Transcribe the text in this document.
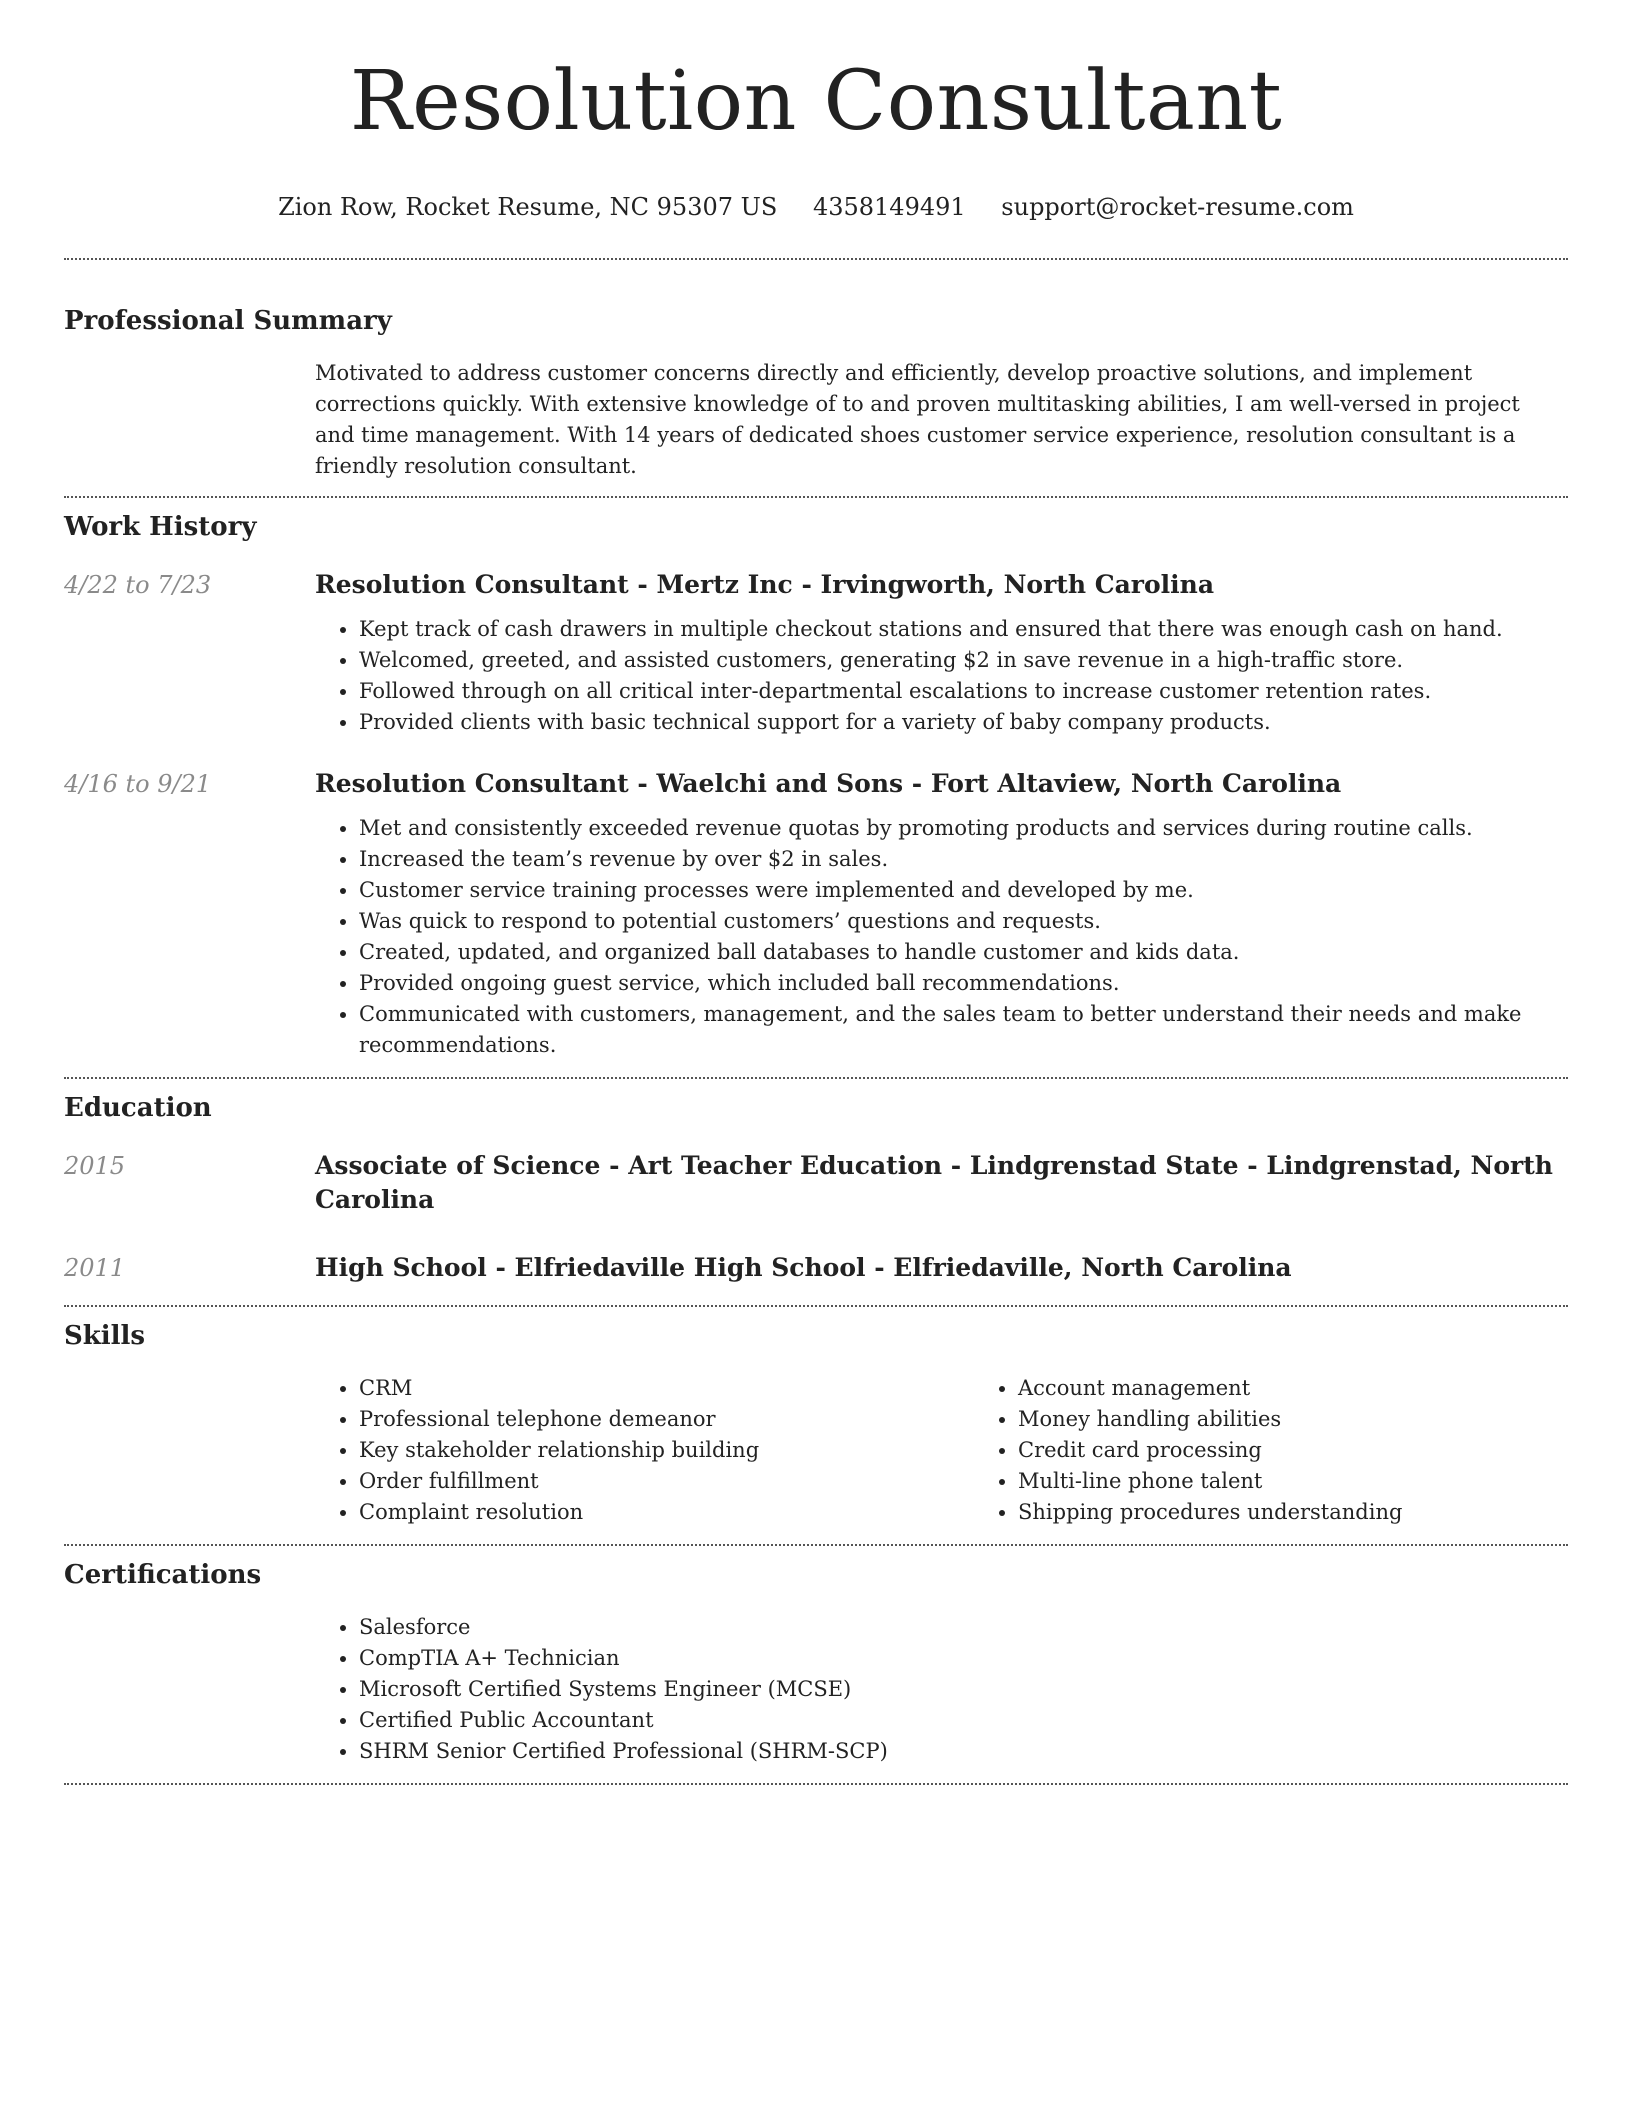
Resolution Consultant
Zion Row, Rocket Resume, NC 95307 US 4358149491 support@rocket-resume.com
Professional Summary

Motivated to address customer concerns directly and efficiently, develop proactive solutions, and implement corrections quickly. With extensive knowledge of to and proven multitasking abilities, I am well-versed in project and time management. With 14 years of dedicated shoes customer service experience, resolution consultant is a friendly resolution consultant.

Work History
4/22 to 7/23	Resolution Consultant - Mertz Inc - Irvingworth, North Carolina
• Kept track of cash drawers in multiple checkout stations and ensured that there was enough cash on hand.
• Welcomed, greeted, and assisted customers, generating $2 in save revenue in a high-traffic store.
• Followed through on all critical inter-departmental escalations to increase customer retention rates.
• Provided clients with basic technical support for a variety of baby company products.
4/16 to 9/21	Resolution Consultant - Waelchi and Sons - Fort Altaview, North Carolina
• Met and consistently exceeded revenue quotas by promoting products and services during routine calls.
• Increased the team’s revenue by over $2 in sales.
• Customer service training processes were implemented and developed by me.
• Was quick to respond to potential customers’ questions and requests.
• Created, updated, and organized ball databases to handle customer and kids data.
• Provided ongoing guest service, which included ball recommendations.
• Communicated with customers, management, and the sales team to better understand their needs and make recommendations.
Education
2015	Associate of Science - Art Teacher Education - Lindgrenstad State - Lindgrenstad, North Carolina
2011	High School - Elfriedaville High School - Elfriedaville, North Carolina
Skills
• CRM
• Professional telephone demeanor
• Key stakeholder relationship building
• Order fulfillment
• Complaint resolution
• Account management
• Money handling abilities
• Credit card processing
• Multi-line phone talent
• Shipping procedures understanding
Certifications
• Salesforce
• CompTIA A+ Technician
• Microsoft Certified Systems Engineer (MCSE)
• Certified Public Accountant
• SHRM Senior Certified Professional (SHRM-SCP)
